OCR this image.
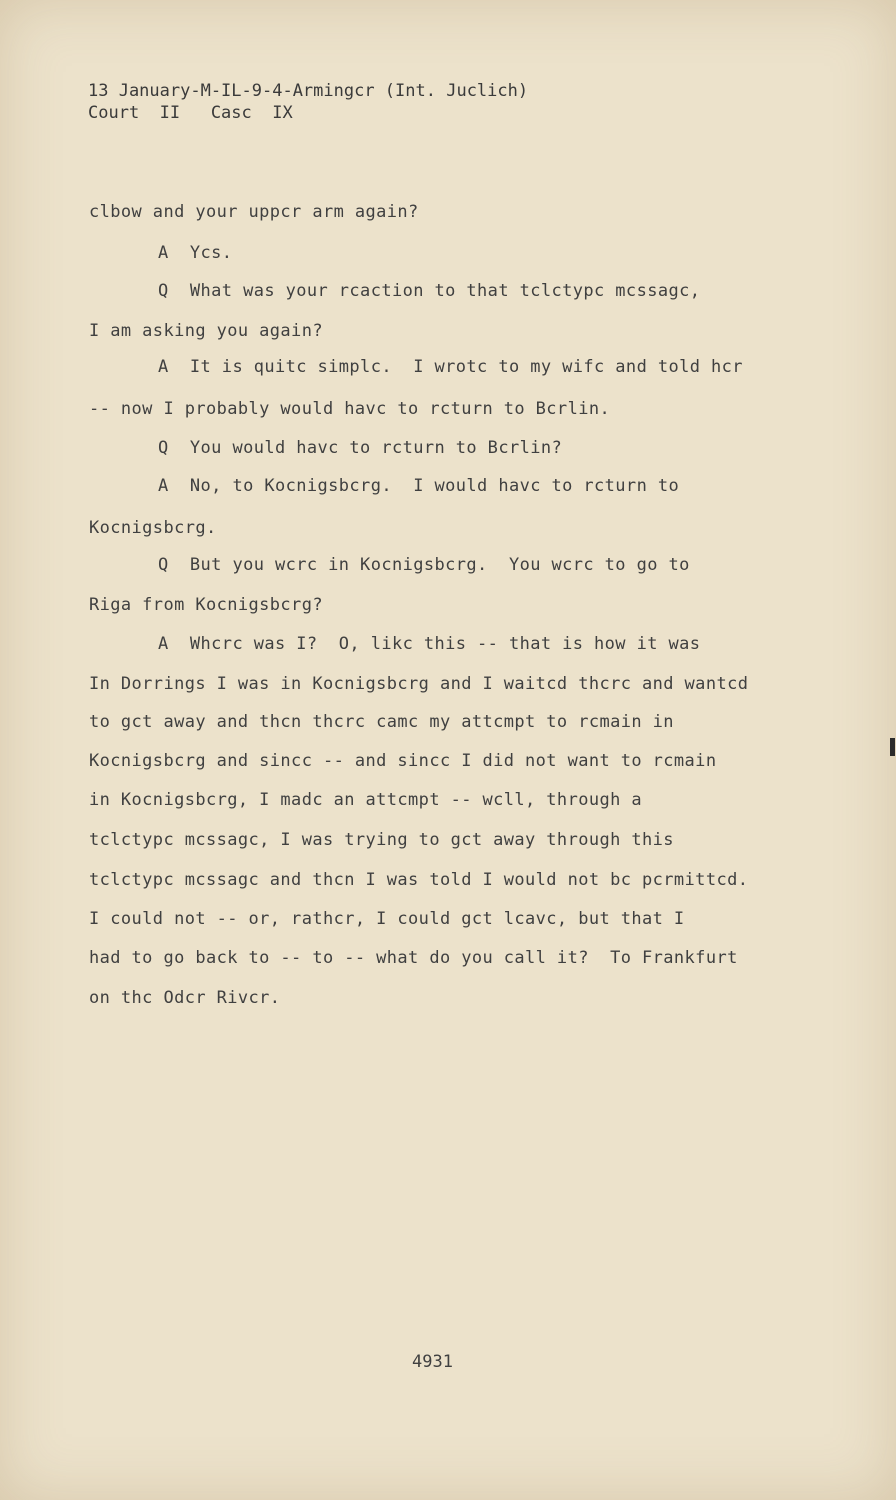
13 January-M-IL-9-4-Armingcr (Int. Juclich)
Court  II   Casc  IX
clbow and your uppcr arm again?
A  Ycs.
Q  What was your rcaction to that tclctypc mcssagc,
I am asking you again?
A  It is quitc simplc.  I wrotc to my wifc and told hcr
-- now I probably would havc to rcturn to Bcrlin.
Q  You would havc to rcturn to Bcrlin?
A  No, to Kocnigsbcrg.  I would havc to rcturn to
Kocnigsbcrg.
Q  But you wcrc in Kocnigsbcrg.  You wcrc to go to
Riga from Kocnigsbcrg?
A  Whcrc was I?  O, likc this -- that is how it was
In Dorrings I was in Kocnigsbcrg and I waitcd thcrc and wantcd
to gct away and thcn thcrc camc my attcmpt to rcmain in
Kocnigsbcrg and sincc -- and sincc I did not want to rcmain
in Kocnigsbcrg, I madc an attcmpt -- wcll, through a
tclctypc mcssagc, I was trying to gct away through this
tclctypc mcssagc and thcn I was told I would not bc pcrmittcd.
I could not -- or, rathcr, I could gct lcavc, but that I
had to go back to -- to -- what do you call it?  To Frankfurt
on thc Odcr Rivcr.
4931
